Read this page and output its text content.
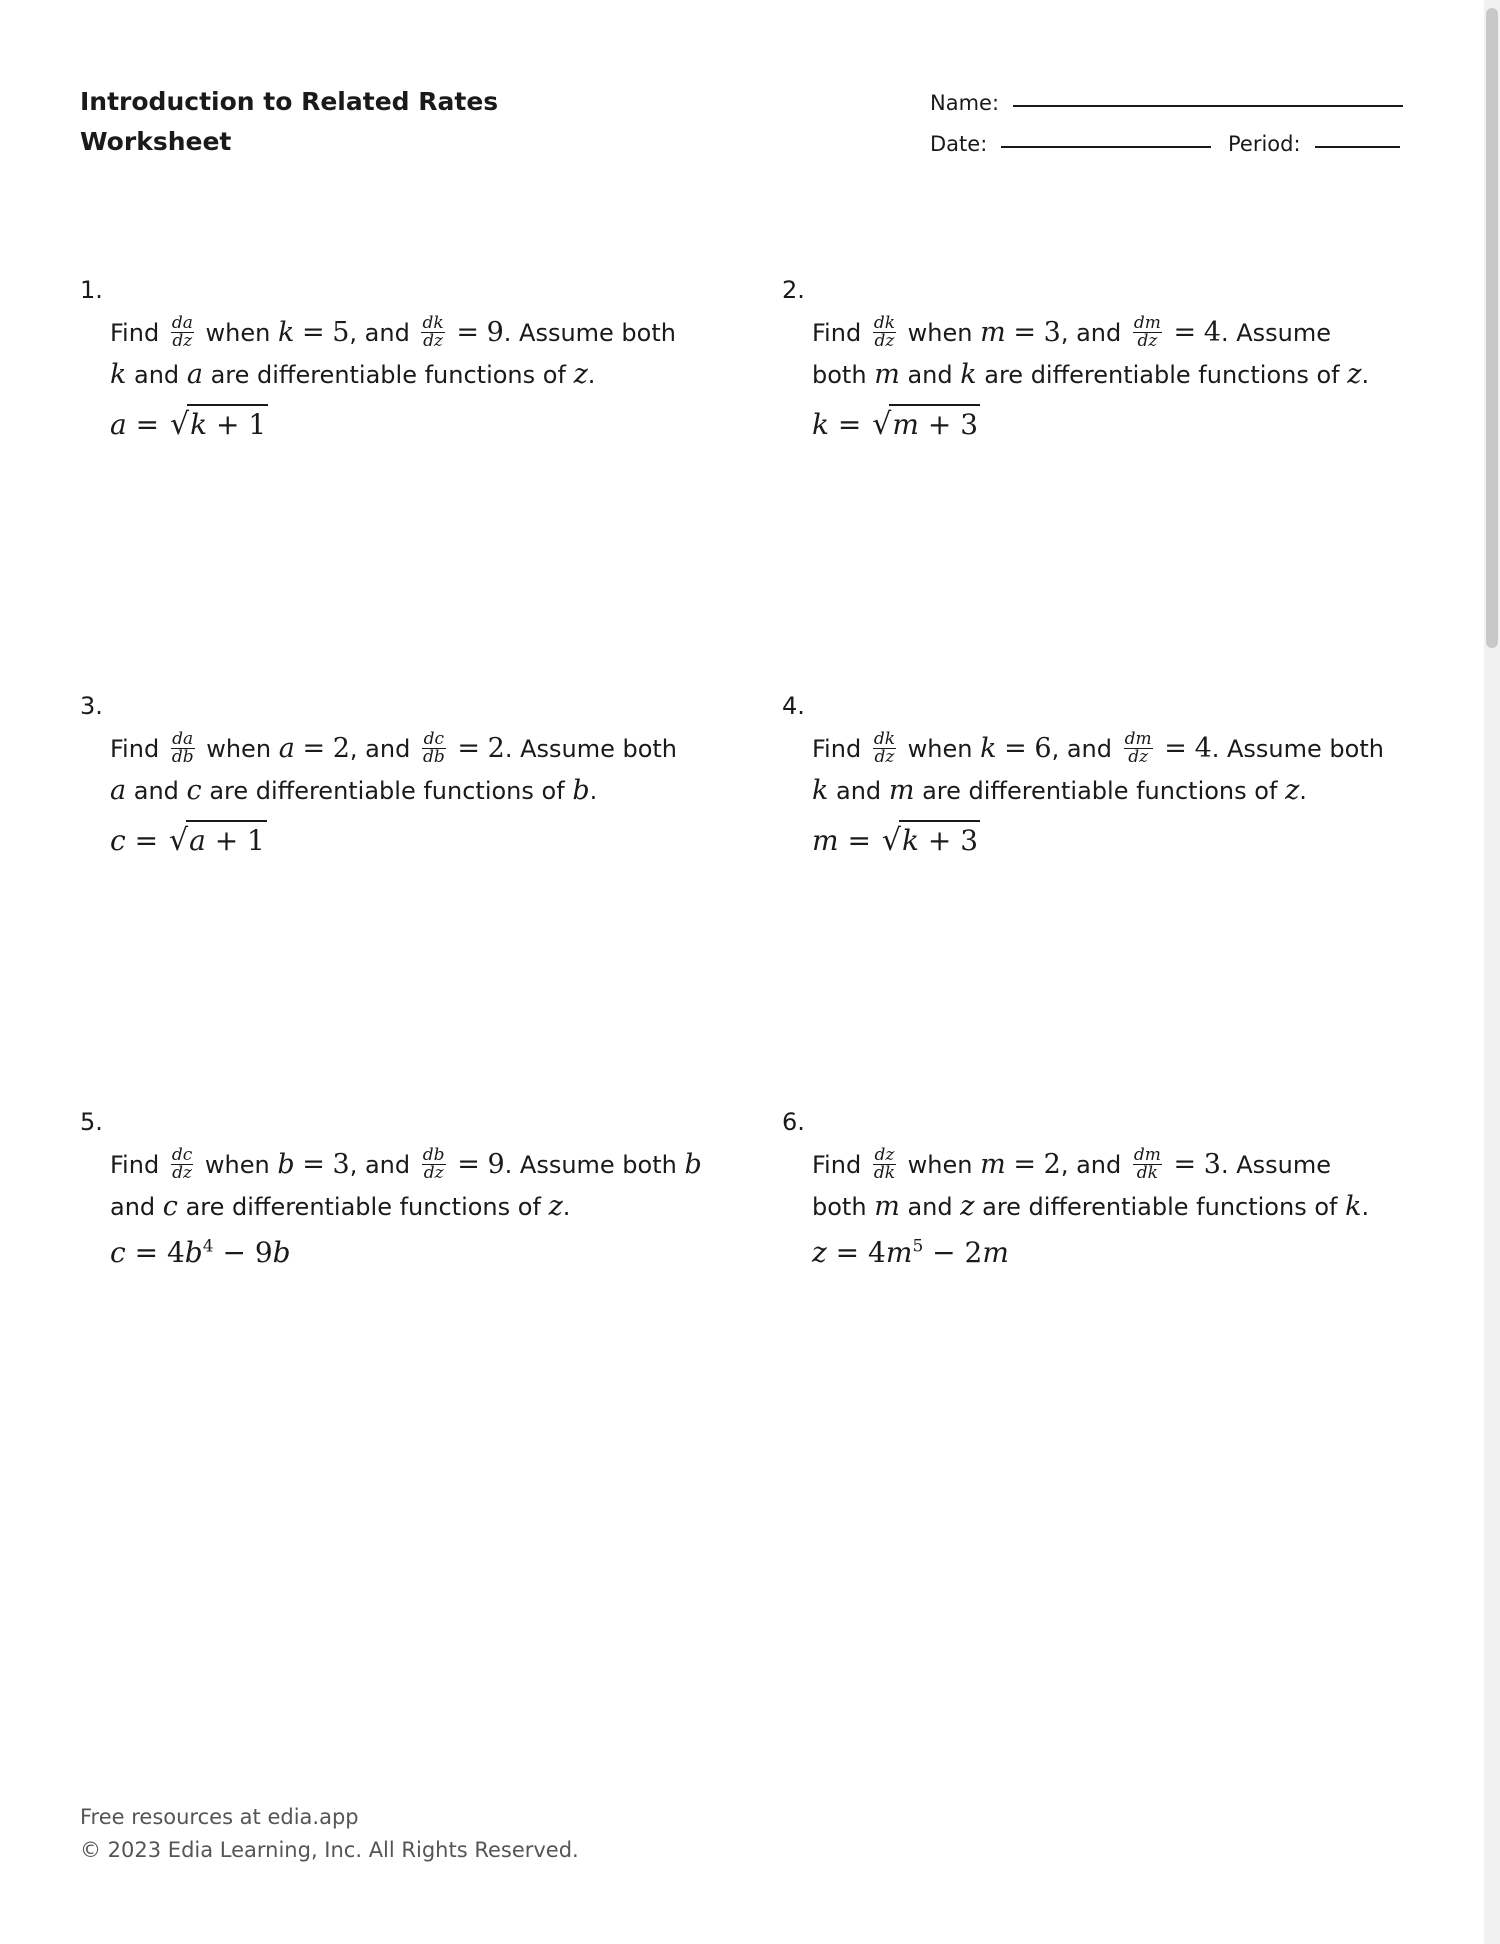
Introduction to Related Rates
Worksheet
Name:
Date:	Period:
1.
Find $\frac{da}{dz}$ when k = 5, and $\frac{dk}{dz} = 9$. Assume both
k and a are differentiable functions of z.
a = √k + 1
2.
Find $\frac{dk}{dz}$ when m = 3, and $\frac{dm}{dz} = 4$. Assume
both m and k are differentiable functions of z.
k = √m + 3
3.
Find $\frac{da}{db}$ when a = 2, and $\frac{dc}{db} = 2$. Assume both
a and c are differentiable functions of b.
c = √a + 1
4.
Find $\frac{dk}{dz}$ when k = 6, and $\frac{dm}{dz} = 4$. Assume both
k and m are differentiable functions of z.
m = √k + 3
5.
Find $\frac{dc}{dz}$ when b = 3, and $\frac{db}{dz} = 9$. Assume both b
and c are differentiable functions of z.
$c = 4b^4 - 9b$
6.
Find $\frac{dz}{dk}$ when m = 2, and $\frac{dm}{dk} = 3$. Assume
both m and z are differentiable functions of k.
$z = 4m^5 - 2m$
Free resources at edia.app
© 2023 Edia Learning, Inc. All Rights Reserved.
